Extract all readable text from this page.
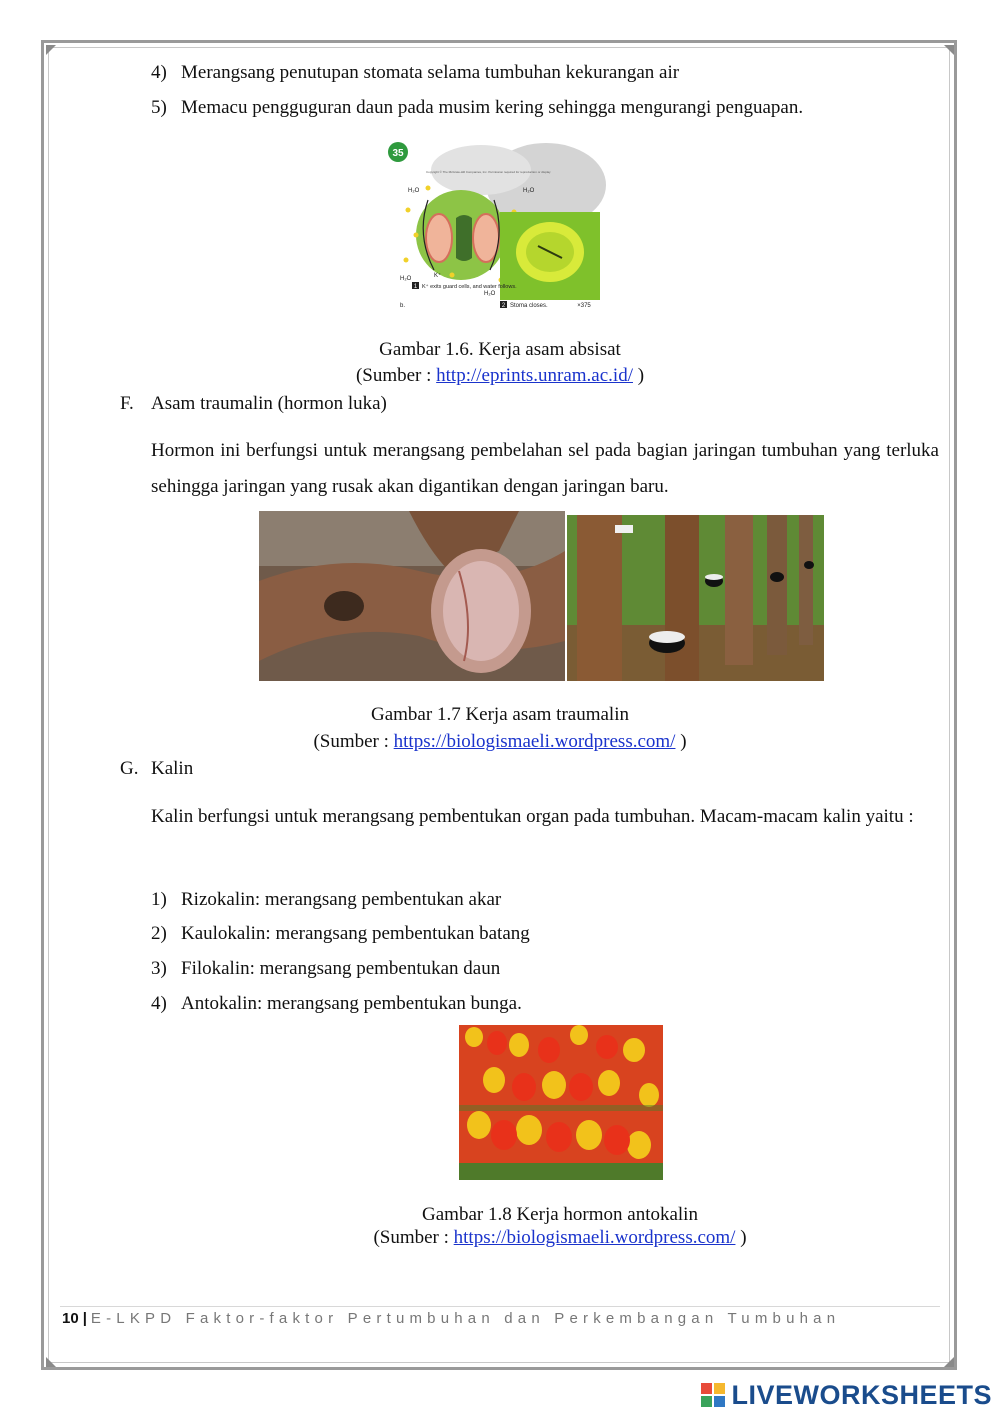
4) Merangsang penutupan stomata selama tumbuhan kekurangan air
5) Memacu pengguguran daun pada musim kering sehingga mengurangi penguapan.
35
Copyright © The McGraw-Hill Companies, Inc. Permission required for reproduction or display
H₂O	H₂O
H₂O	K⁺
H₂O
1 K⁺ exits guard cells, and water follows.
2 Stoma closes.	×375
b.
Gambar 1.6. Kerja asam absisat
(Sumber : http://eprints.unram.ac.id/ )
F. Asam traumalin (hormon luka)
Hormon ini berfungsi untuk merangsang pembelahan sel pada bagian jaringan tumbuhan yang terluka sehingga jaringan yang rusak akan digantikan dengan jaringan baru.
Gambar 1.7 Kerja asam traumalin
(Sumber : https://biologismaeli.wordpress.com/ )
G. Kalin
Kalin berfungsi untuk merangsang pembentukan organ pada tumbuhan. Macam-macam kalin yaitu :
1) Rizokalin: merangsang pembentukan akar
2) Kaulokalin: merangsang pembentukan batang
3) Filokalin: merangsang pembentukan daun
4) Antokalin: merangsang pembentukan bunga.
Gambar 1.8 Kerja hormon antokalin
(Sumber : https://biologismaeli.wordpress.com/ )
10 | E-LKPD Faktor-faktor Pertumbuhan dan Perkembangan Tumbuhan
LIVEWORKSHEETS
